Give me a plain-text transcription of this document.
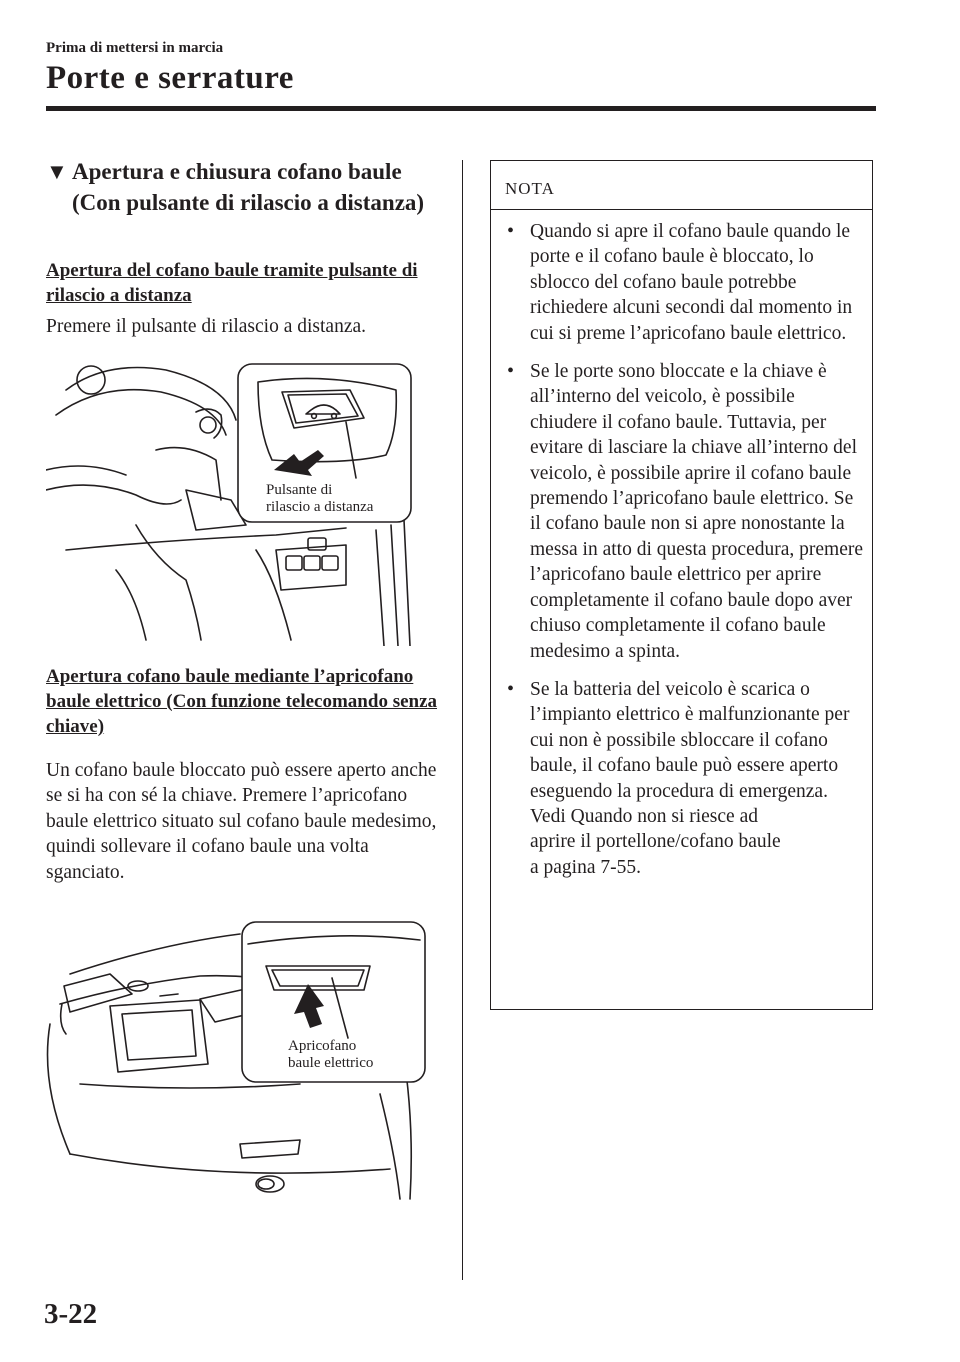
Prima di mettersi in marcia
Porte e serrature
▼ Apertura e chiusura cofano baule (Con pulsante di rilascio a distanza)
Apertura del cofano baule tramite pulsante di rilascio a distanza
Premere il pulsante di rilascio a distanza.
Pulsante di
rilascio a distanza
Apertura cofano baule mediante l’apricofano baule elettrico (Con funzione telecomando senza chiave)
Un cofano baule bloccato può essere aperto anche se si ha con sé la chiave. Premere l’apricofano baule elettrico situato sul cofano baule medesimo, quindi sollevare il cofano baule una volta sganciato.
Apricofano
baule elettrico
NOTA
• Quando si apre il cofano baule quando le porte e il cofano baule è bloccato, lo sblocco del cofano baule potrebbe richiedere alcuni secondi dal momento in cui si preme l’apricofano baule elettrico.
• Se le porte sono bloccate e la chiave è all’interno del veicolo, è possibile chiudere il cofano baule. Tuttavia, per evitare di lasciare la chiave all’interno del veicolo, è possibile aprire il cofano baule premendo l’apricofano baule elettrico. Se il cofano baule non si apre nonostante la messa in atto di questa procedura, premere l’apricofano baule elettrico per aprire completamente il cofano baule dopo aver chiuso completamente il cofano baule medesimo a spinta.
• Se la batteria del veicolo è scarica o l’impianto elettrico è malfunzionante per cui non è possibile sbloccare il cofano baule, il cofano baule può essere aperto eseguendo la procedura di emergenza.
Vedi Quando non si riesce ad
aprire il portellone/cofano baule
a pagina 7-55.
3-22
